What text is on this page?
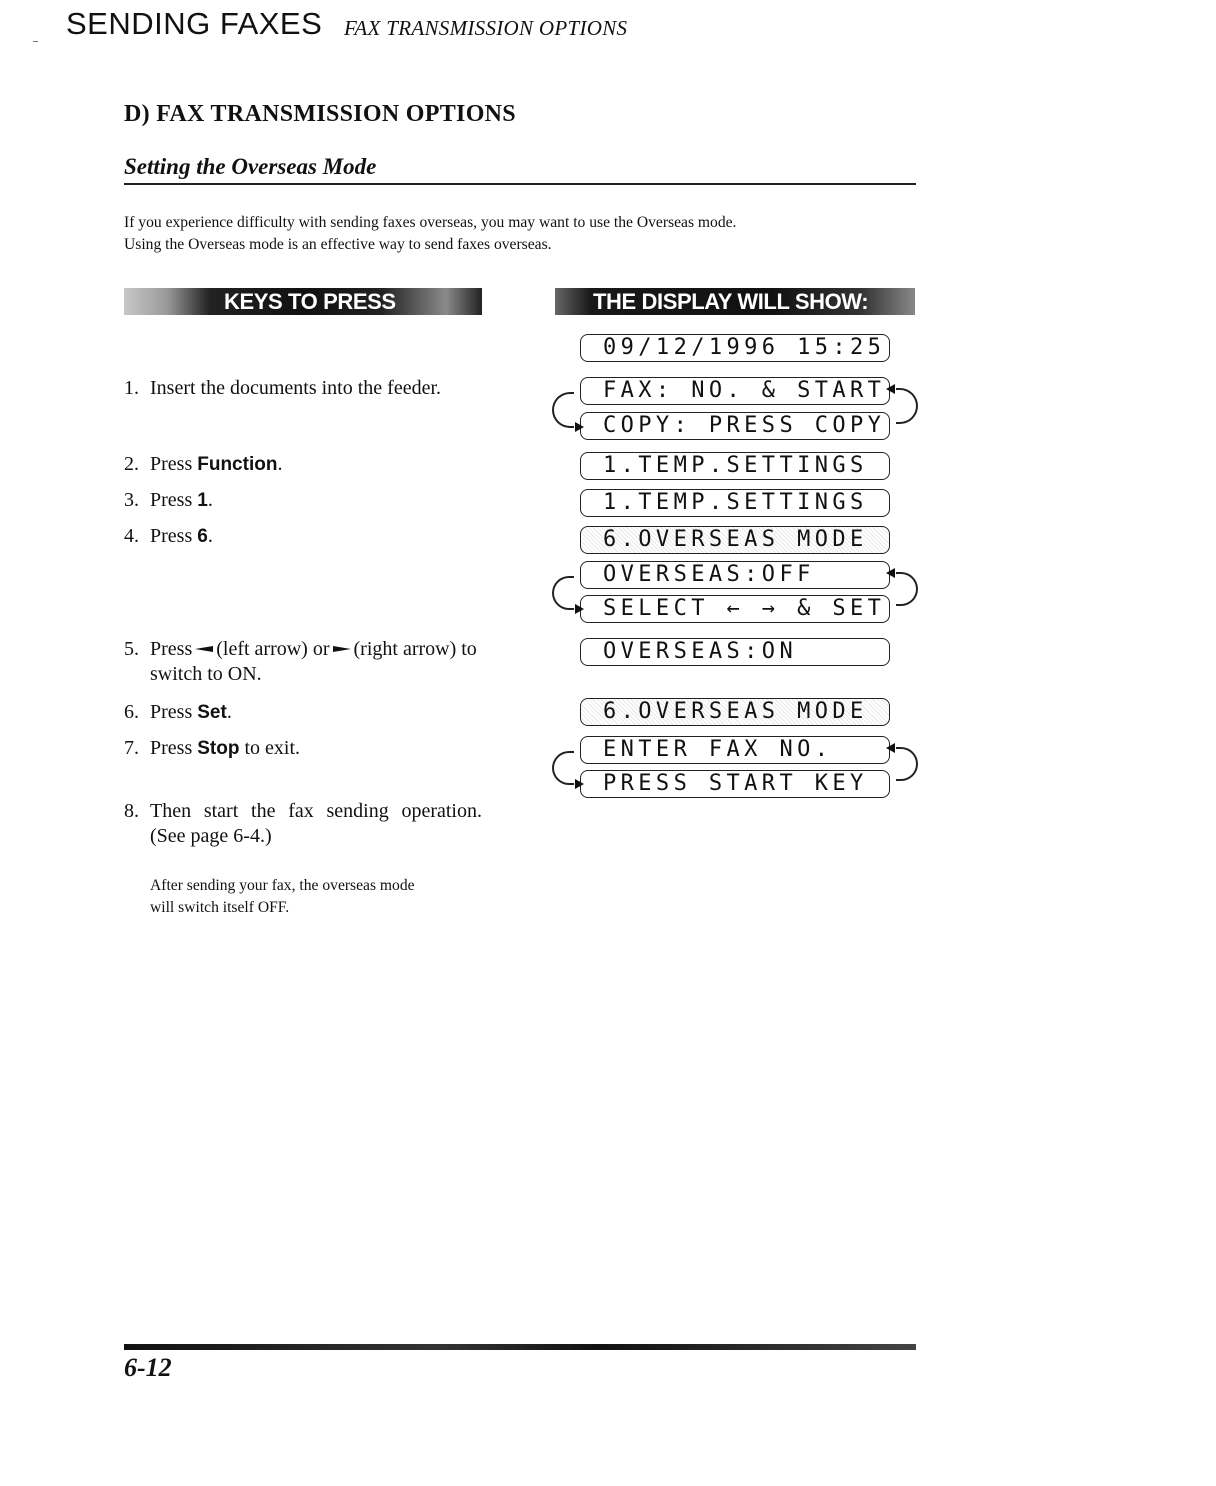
SENDING FAXES FAX TRANSMISSION OPTIONS
D) FAX TRANSMISSION OPTIONS
Setting the Overseas Mode
If you experience difficulty with sending faxes overseas, you may want to use the Overseas mode.
Using the Overseas mode is an effective way to send faxes overseas.
KEYS TO PRESS	THE DISPLAY WILL SHOW:
1. Insert the documents into the feeder.
2. Press Function.
3. Press 1.
4. Press 6.
5. Press (left arrow) or (right arrow) to switch to ON.
6. Press Set.
7. Press Stop to exit.
8. Then start the fax sending operation. (See page 6-4.)
After sending your fax, the overseas mode
will switch itself OFF.
09/12/1996 15:25
FAX: NO. & START
COPY: PRESS COPY
1.TEMP.SETTINGS
1.TEMP.SETTINGS
6.OVERSEAS MODE
OVERSEAS:OFF
SELECT ← → & SET
OVERSEAS:ON
6.OVERSEAS MODE
ENTER FAX NO.
PRESS START KEY
6-12
